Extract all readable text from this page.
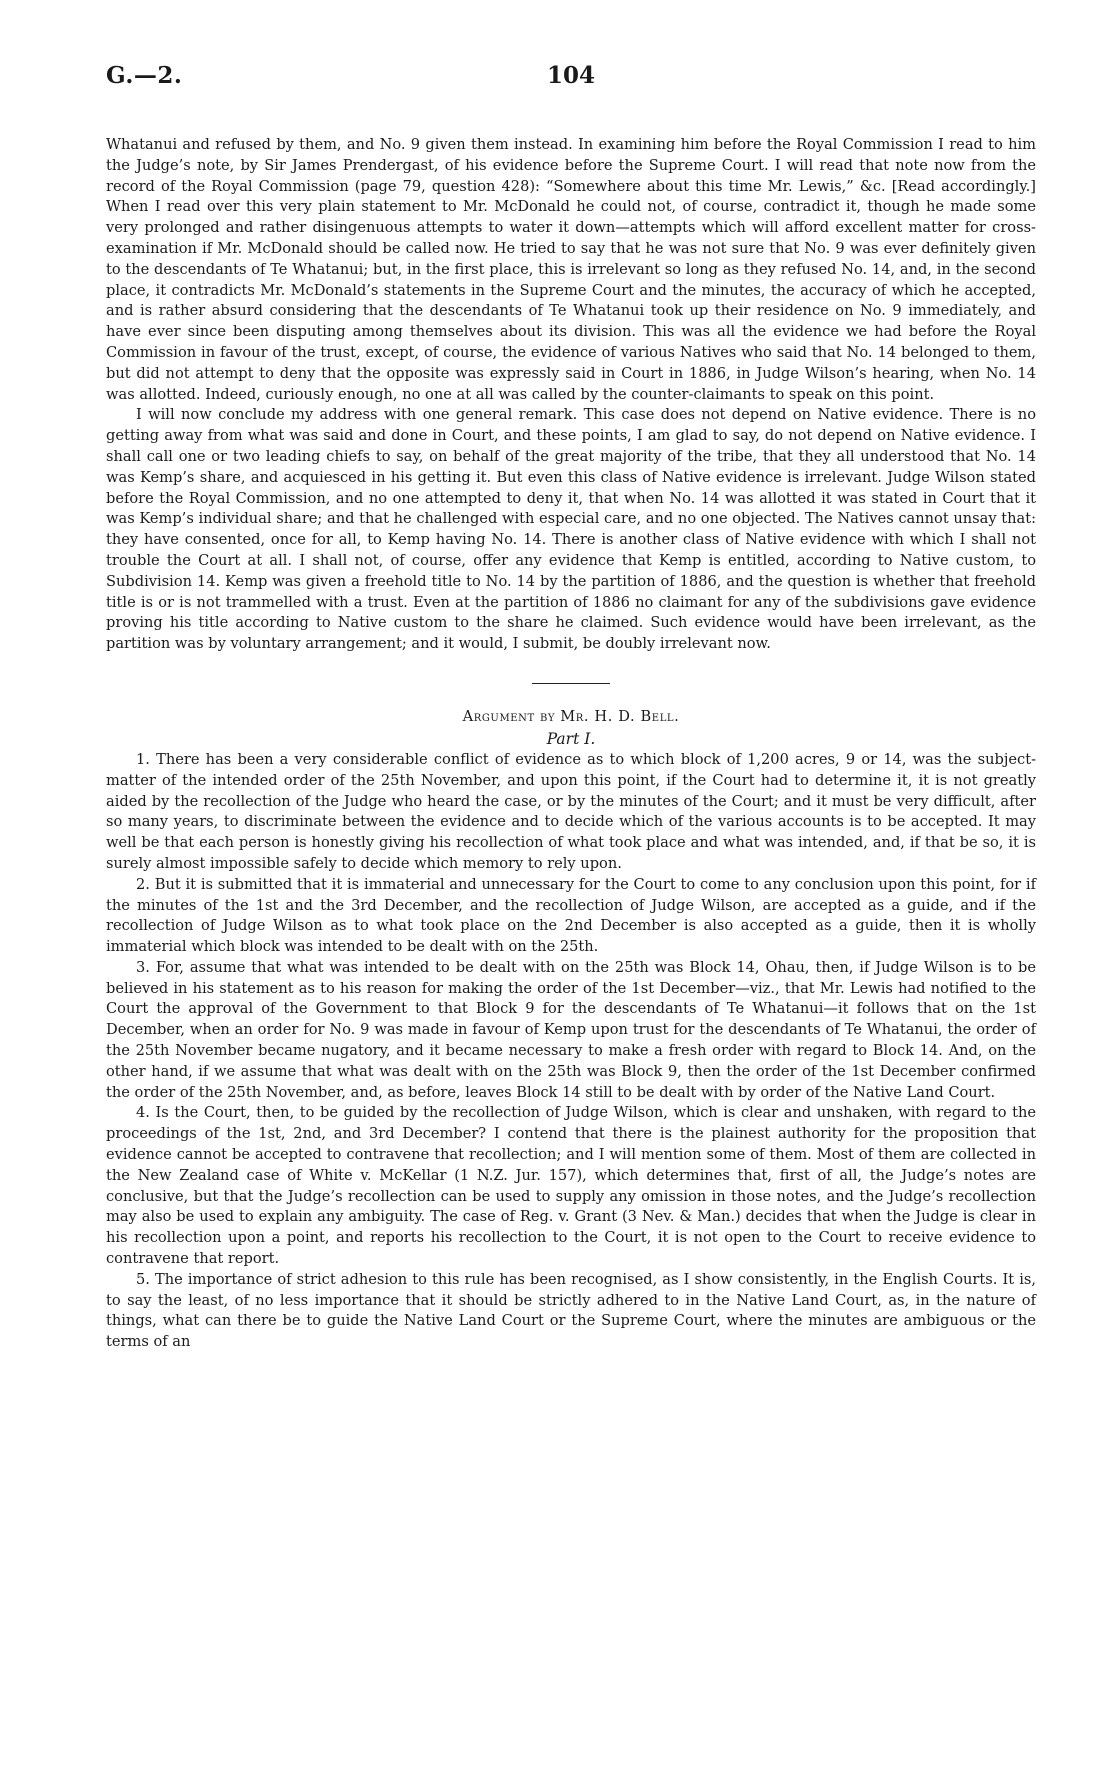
G.—2.	104

Whatanui and refused by them, and No. 9 given them instead. In examining him before the Royal Commission I read to him the Judge’s note, by Sir James Prendergast, of his evidence before the Supreme Court. I will read that note now from the record of the Royal Commission (page 79, question 428): “Somewhere about this time Mr. Lewis,” &c. [Read accordingly.] When I read over this very plain statement to Mr. McDonald he could not, of course, contradict it, though he made some very prolonged and rather disingenuous attempts to water it down—attempts which will afford excellent matter for cross-examination if Mr. McDonald should be called now. He tried to say that he was not sure that No. 9 was ever definitely given to the descendants of Te Whatanui; but, in the first place, this is irrelevant so long as they refused No. 14, and, in the second place, it contradicts Mr. McDonald’s statements in the Supreme Court and the minutes, the accuracy of which he accepted, and is rather absurd considering that the descendants of Te Whatanui took up their residence on No. 9 immediately, and have ever since been disputing among themselves about its division. This was all the evidence we had before the Royal Commission in favour of the trust, except, of course, the evidence of various Natives who said that No. 14 belonged to them, but did not attempt to deny that the opposite was expressly said in Court in 1886, in Judge Wilson’s hearing, when No. 14 was allotted. Indeed, curiously enough, no one at all was called by the counter-claimants to speak on this point.

I will now conclude my address with one general remark. This case does not depend on Native evidence. There is no getting away from what was said and done in Court, and these points, I am glad to say, do not depend on Native evidence. I shall call one or two leading chiefs to say, on behalf of the great majority of the tribe, that they all understood that No. 14 was Kemp’s share, and acquiesced in his getting it. But even this class of Native evidence is irrelevant. Judge Wilson stated before the Royal Commission, and no one attempted to deny it, that when No. 14 was allotted it was stated in Court that it was Kemp’s individual share; and that he challenged with especial care, and no one objected. The Natives cannot unsay that: they have consented, once for all, to Kemp having No. 14. There is another class of Native evidence with which I shall not trouble the Court at all. I shall not, of course, offer any evidence that Kemp is entitled, according to Native custom, to Subdivision 14. Kemp was given a freehold title to No. 14 by the partition of 1886, and the question is whether that freehold title is or is not trammelled with a trust. Even at the partition of 1886 no claimant for any of the subdivisions gave evidence proving his title according to Native custom to the share he claimed. Such evidence would have been irrelevant, as the partition was by voluntary arrangement; and it would, I submit, be doubly irrelevant now.

Argument by Mr. H. D. Bell.

Part I.

1. There has been a very considerable conflict of evidence as to which block of 1,200 acres, 9 or 14, was the subject-matter of the intended order of the 25th November, and upon this point, if the Court had to determine it, it is not greatly aided by the recollection of the Judge who heard the case, or by the minutes of the Court; and it must be very difficult, after so many years, to discriminate between the evidence and to decide which of the various accounts is to be accepted. It may well be that each person is honestly giving his recollection of what took place and what was intended, and, if that be so, it is surely almost impossible safely to decide which memory to rely upon.

2. But it is submitted that it is immaterial and unnecessary for the Court to come to any conclusion upon this point, for if the minutes of the 1st and the 3rd December, and the recollection of Judge Wilson, are accepted as a guide, and if the recollection of Judge Wilson as to what took place on the 2nd December is also accepted as a guide, then it is wholly immaterial which block was intended to be dealt with on the 25th.

3. For, assume that what was intended to be dealt with on the 25th was Block 14, Ohau, then, if Judge Wilson is to be believed in his statement as to his reason for making the order of the 1st December—viz., that Mr. Lewis had notified to the Court the approval of the Government to that Block 9 for the descendants of Te Whatanui—it follows that on the 1st December, when an order for No. 9 was made in favour of Kemp upon trust for the descendants of Te Whatanui, the order of the 25th November became nugatory, and it became necessary to make a fresh order with regard to Block 14. And, on the other hand, if we assume that what was dealt with on the 25th was Block 9, then the order of the 1st December confirmed the order of the 25th November, and, as before, leaves Block 14 still to be dealt with by order of the Native Land Court.

4. Is the Court, then, to be guided by the recollection of Judge Wilson, which is clear and unshaken, with regard to the proceedings of the 1st, 2nd, and 3rd December? I contend that there is the plainest authority for the proposition that evidence cannot be accepted to contravene that recollection; and I will mention some of them. Most of them are collected in the New Zealand case of White v. McKellar (1 N.Z. Jur. 157), which determines that, first of all, the Judge’s notes are conclusive, but that the Judge’s recollection can be used to supply any omission in those notes, and the Judge’s recollection may also be used to explain any ambiguity. The case of Reg. v. Grant (3 Nev. & Man.) decides that when the Judge is clear in his recollection upon a point, and reports his recollection to the Court, it is not open to the Court to receive evidence to contravene that report.

5. The importance of strict adhesion to this rule has been recognised, as I show consistently, in the English Courts. It is, to say the least, of no less importance that it should be strictly adhered to in the Native Land Court, as, in the nature of things, what can there be to guide the Native Land Court or the Supreme Court, where the minutes are ambiguous or the terms of an
